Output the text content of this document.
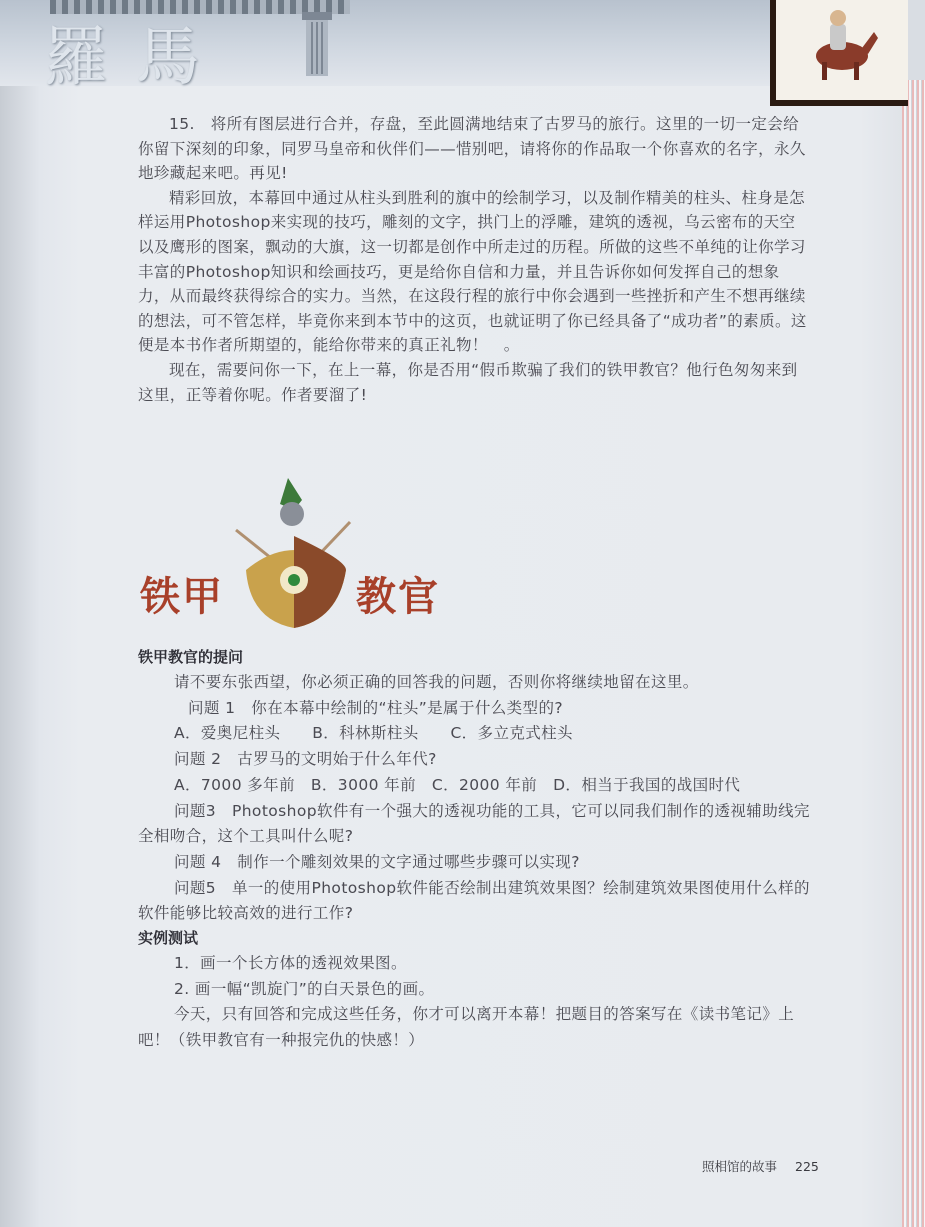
羅馬

15.　将所有图层进行合并，存盘，至此圆满地结束了古罗马的旅行。这里的一切一定会给你留下深刻的印象，同罗马皇帝和伙伴们——惜别吧，请将你的作品取一个你喜欢的名字，永久地珍藏起来吧。再见!

精彩回放，本幕回中通过从柱头到胜利的旗中的绘制学习，以及制作精美的柱头、柱身是怎样运用Photoshop来实现的技巧，雕刻的文字，拱门上的浮雕，建筑的透视，乌云密布的天空以及鹰形的图案，飘动的大旗，这一切都是创作中所走过的历程。所做的这些不单纯的让你学习丰富的Photoshop知识和绘画技巧，更是给你自信和力量，并且告诉你如何发挥自己的想象力，从而最终获得综合的实力。当然，在这段行程的旅行中你会遇到一些挫折和产生不想再继续的想法，可不管怎样，毕竟你来到本节中的这页，也就证明了你已经具备了“成功者”的素质。这便是本书作者所期望的，能给你带来的真正礼物！　。

现在，需要问你一下，在上一幕，你是否用“假币欺骗了我们的铁甲教官？他行色匆匆来到这里，正等着你呢。作者要溜了!

铁甲	教官

铁甲教官的提问

请不要东张西望，你必须正确的回答我的问题，否则你将继续地留在这里。

问题 1　你在本幕中绘制的“柱头”是属于什么类型的?

A．爱奥尼柱头　　B．科林斯柱头　　C．多立克式柱头

问题 2　古罗马的文明始于什么年代?

A．7000 多年前　B．3000 年前　C．2000 年前　D．相当于我国的战国时代

问题3　Photoshop软件有一个强大的透视功能的工具，它可以同我们制作的透视辅助线完全相吻合，这个工具叫什么呢?

问题 4　制作一个雕刻效果的文字通过哪些步骤可以实现?

问题5　单一的使用Photoshop软件能否绘制出建筑效果图？绘制建筑效果图使用什么样的软件能够比较高效的进行工作?

实例测试

1．画一个长方体的透视效果图。

2. 画一幅“凯旋门”的白天景色的画。

今天，只有回答和完成这些任务，你才可以离开本幕！把题目的答案写在《读书笔记》上吧！（铁甲教官有一种报完仇的快感！）

照相馆的故事 225
